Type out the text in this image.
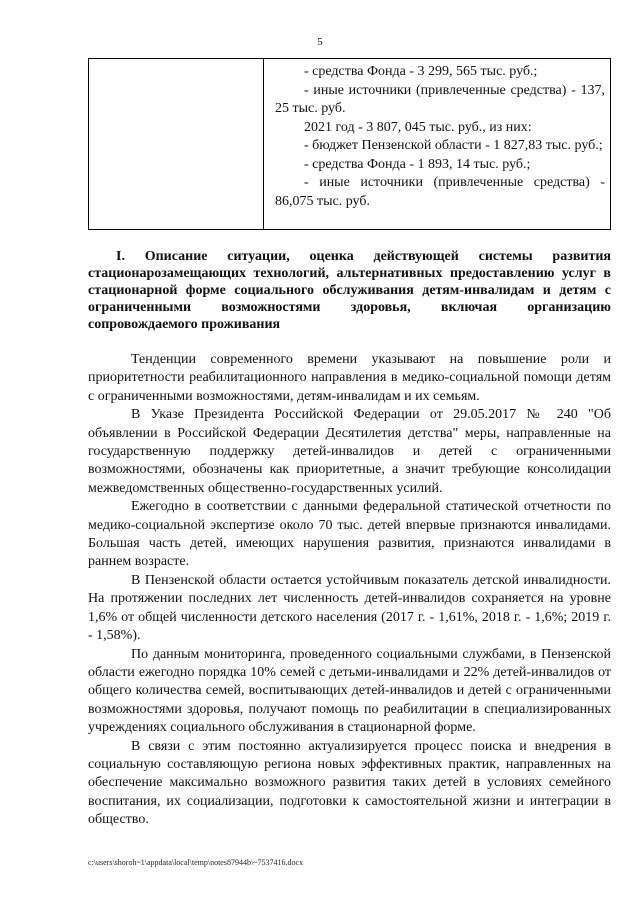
5

- средства Фонда - 3 299, 565 тыс. руб.;

- иные источники (привлеченные средства) - 137, 25 тыс. руб.

2021 год - 3 807, 045 тыс. руб., из них:

- бюджет Пензенской области - 1 827,83 тыс. руб.;

- средства Фонда - 1 893, 14 тыс. руб.;

- иные источники (привлеченные средства) - 86,075 тыс. руб.

I. Описание ситуации, оценка действующей системы развития стационарозамещающих технологий, альтернативных предоставлению услуг в стационарной форме социального обслуживания детям-инвалидам и детям с ограниченными возможностями здоровья, включая организацию сопровождаемого проживания

Тенденции современного времени указывают на повышение роли и приоритетности реабилитационного направления в медико-социальной помощи детям с ограниченными возможностями, детям-инвалидам и их семьям.

В Указе Президента Российской Федерации от 29.05.2017 № 240 "Об объявлении в Российской Федерации Десятилетия детства" меры, направленные на государственную поддержку детей-инвалидов и детей с ограниченными возможностями, обозначены как приоритетные, а значит требующие консолидации межведомственных общественно-государственных усилий.

Ежегодно в соответствии с данными федеральной статической отчетности по медико-социальной экспертизе около 70 тыс. детей впервые признаются инвалидами. Большая часть детей, имеющих нарушения развития, признаются инвалидами в раннем возрасте.

В Пензенской области остается устойчивым показатель детской инвалидности. На протяжении последних лет численность детей-инвалидов сохраняется на уровне 1,6% от общей численности детского населения (2017 г. - 1,61%, 2018 г. - 1,6%; 2019 г. - 1,58%).

По данным мониторинга, проведенного социальными службами, в Пензенской области ежегодно порядка 10% семей с детьми-инвалидами и 22% детей-инвалидов от общего количества семей, воспитывающих детей-инвалидов и детей с ограниченными возможностями здоровья, получают помощь по реабилитации в специализированных учреждениях социального обслуживания в стационарной форме.

В связи с этим постоянно актуализируется процесс поиска и внедрения в социальную составляющую региона новых эффективных практик, направленных на обеспечение максимально возможного развития таких детей в условиях семейного воспитания, их социализации, подготовки к самостоятельной жизни и интеграции в общество.

c:\users\shoroh~1\appdata\local\temp\notes87944b\~7537416.docx
